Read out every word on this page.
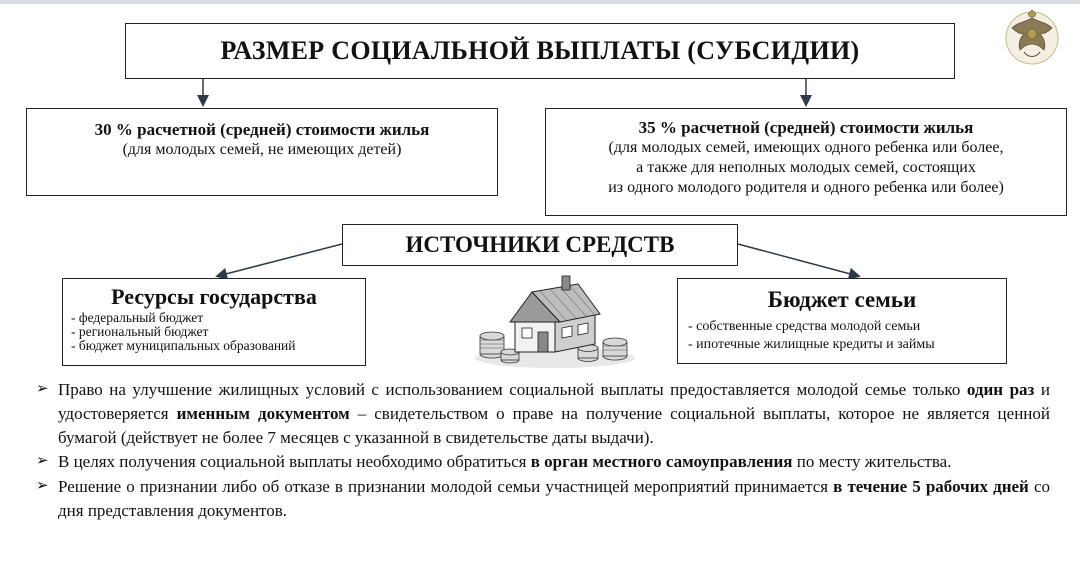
РАЗМЕР СОЦИАЛЬНОЙ ВЫПЛАТЫ (СУБСИДИИ)
30 % расчетной (средней) стоимости жилья
(для молодых семей, не имеющих детей)
35 % расчетной (средней) стоимости жилья
(для молодых семей, имеющих одного ребенка или более,
а также для неполных молодых семей, состоящих
из одного молодого родителя и одного ребенка или более)
ИСТОЧНИКИ СРЕДСТВ
Ресурсы государства
- федеральный бюджет
- региональный бюджет
- бюджет муниципальных образований
Бюджет семьи
- собственные средства молодой семьи
- ипотечные жилищные кредиты и займы
➢ Право на улучшение жилищных условий с использованием социальной выплаты предоставляется молодой семье только один раз и удостоверяется именным документом – свидетельством о праве на получение социальной выплаты, которое не является ценной бумагой (действует не более 7 месяцев с указанной в свидетельстве даты выдачи).
➢ В целях получения социальной выплаты необходимо обратиться в орган местного самоуправления по месту жительства.
➢ Решение о признании либо об отказе в признании молодой семьи участницей мероприятий принимается в течение 5 рабочих дней со дня представления документов.
